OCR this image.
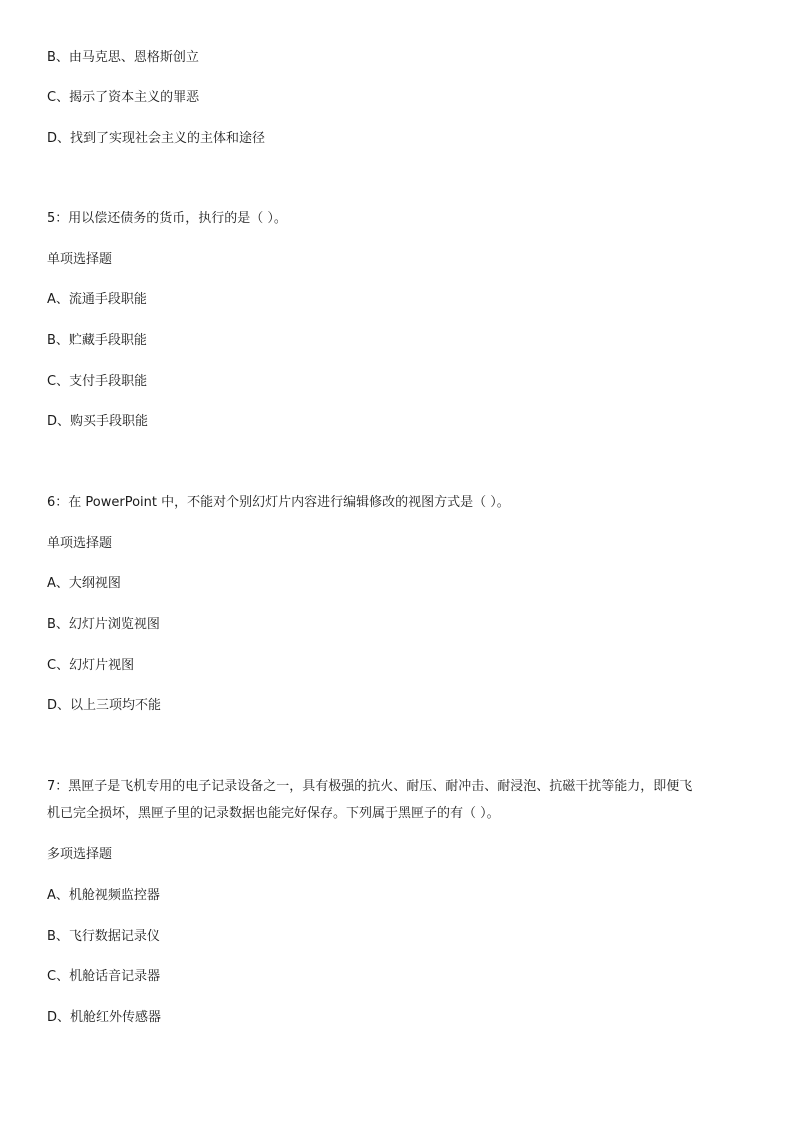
B、由马克思、恩格斯创立
C、揭示了资本主义的罪恶
D、找到了实现社会主义的主体和途径
5：用以偿还债务的货币，执行的是（ ）。
单项选择题
A、流通手段职能
B、贮藏手段职能
C、支付手段职能
D、购买手段职能
6：在 PowerPoint 中，不能对个别幻灯片内容进行编辑修改的视图方式是（ ）。
单项选择题
A、大纲视图
B、幻灯片浏览视图
C、幻灯片视图
D、以上三项均不能
7：黑匣子是飞机专用的电子记录设备之一，具有极强的抗火、耐压、耐冲击、耐浸泡、抗磁干扰等能力，即便飞
机已完全损坏，黑匣子里的记录数据也能完好保存。下列属于黑匣子的有（ ）。
多项选择题
A、机舱视频监控器
B、飞行数据记录仪
C、机舱话音记录器
D、机舱红外传感器
